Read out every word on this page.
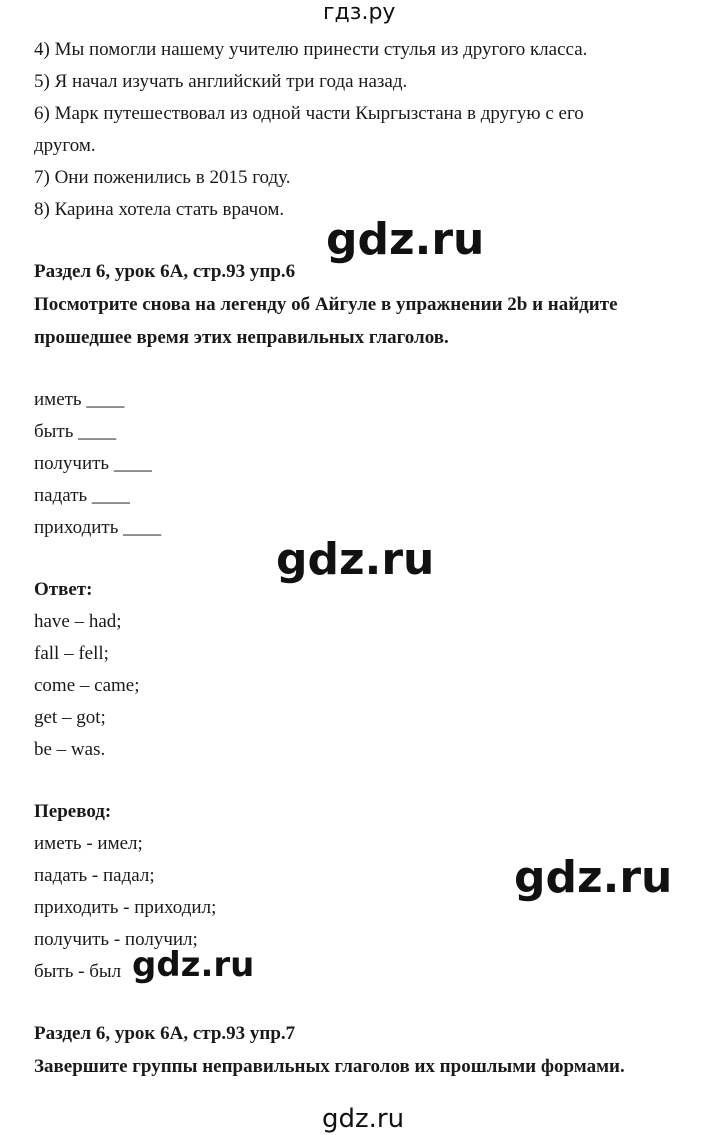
гдз.ру
4) Мы помогли нашему учителю принести стулья из другого класса.
5) Я начал изучать английский три года назад.
6) Марк путешествовал из одной части Кыргызстана в другую с его
другом.
7) Они поженились в 2015 году.
8) Карина хотела стать врачом.
gdz.ru
Раздел 6, урок 6А, стр.93 упр.6
Посмотрите снова на легенду об Айгуле в упражнении 2b и найдите
прошедшее время этих неправильных глаголов.
иметь ____
быть ____
получить ____
падать ____
приходить ____
gdz.ru
Ответ:
have – had;
fall – fell;
come – came;
get – got;
be – was.
Перевод:
иметь - имел;
падать - падал;
приходить - приходил;
получить - получил;
быть - был
gdz.ru
gdz.ru
Раздел 6, урок 6А, стр.93 упр.7
Завершите группы неправильных глаголов их прошлыми формами.
gdz.ru
